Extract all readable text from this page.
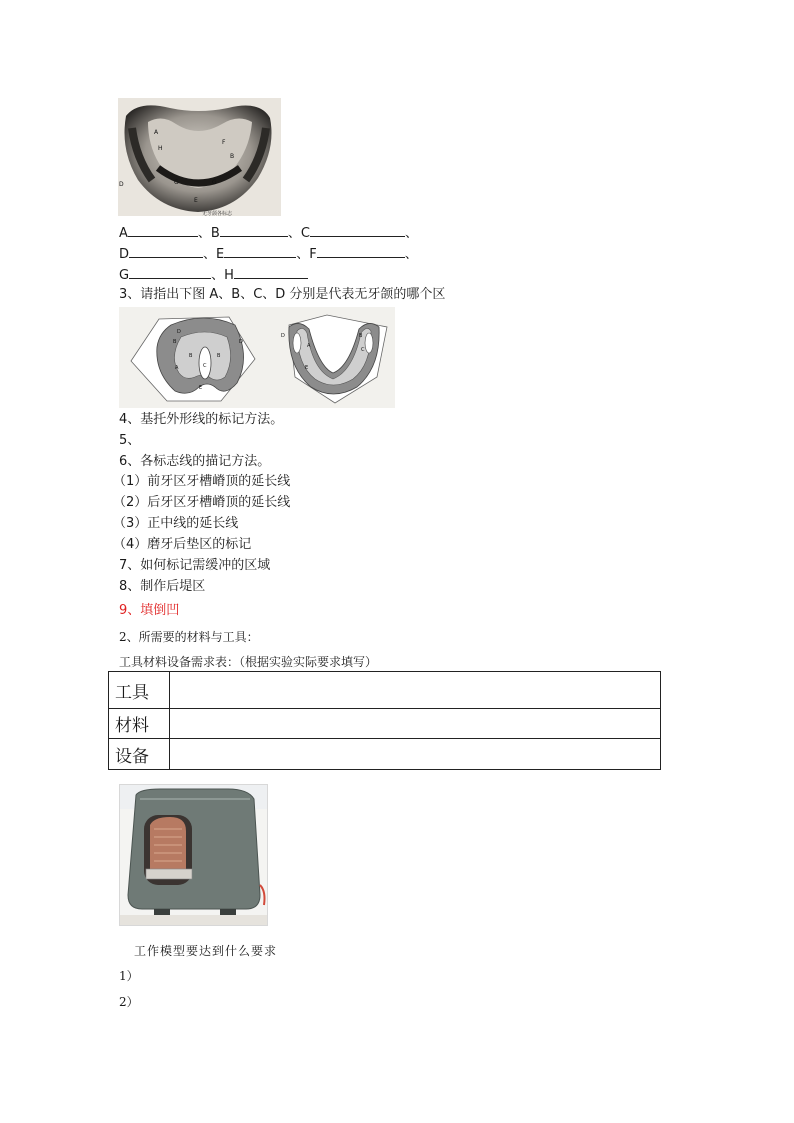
A
H
F
B
G	G
E
D
无牙颌各标志
A	、B	、C	、
D	、E	、F	、
G	、H
3、请指出下图 A、B、C、D 分别是代表无牙颌的哪个区
D
B
A	C
B	B
D
E
D
A
B
C
E
4、基托外形线的标记方法。
5、
6、各标志线的描记方法。
（1）前牙区牙槽嵴顶的延长线
（2）后牙区牙槽嵴顶的延长线
（3）正中线的延长线
（4）磨牙后垫区的标记
7、如何标记需缓冲的区域
8、制作后堤区
9、填倒凹
2、所需要的材料与工具：
工具材料设备需求表：（根据实验实际要求填写）
工具	
材料	
设备	
工作模型要达到什么要求
1）
2）
